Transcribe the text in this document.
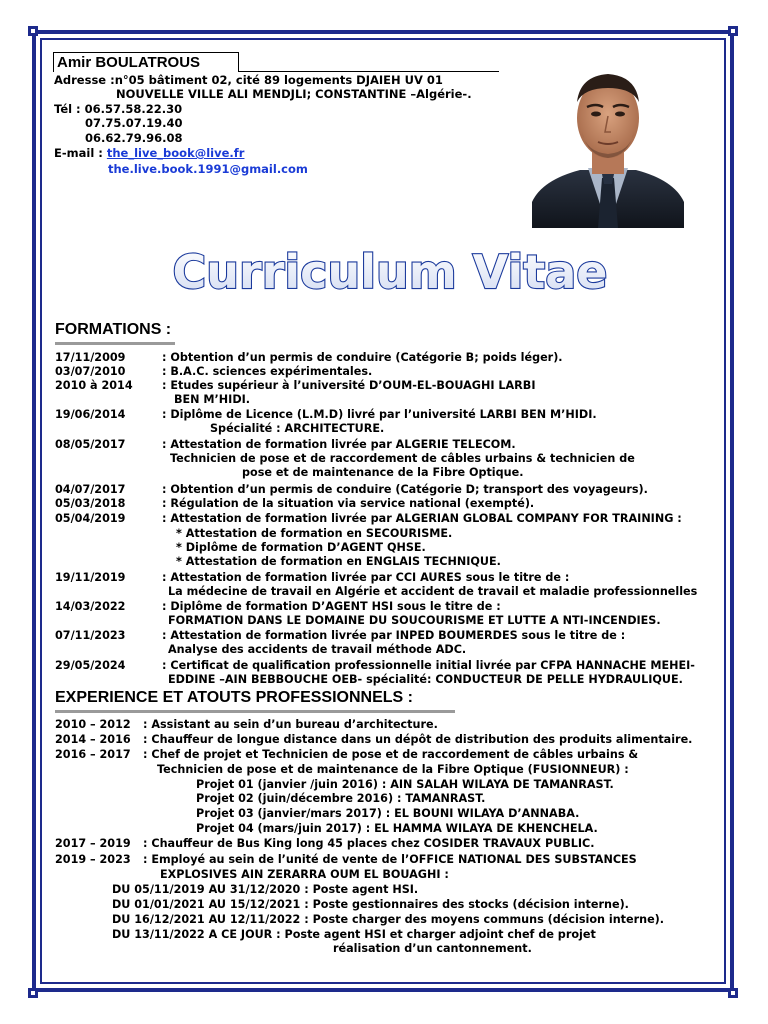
Amir BOULATROUS
Adresse :n°05 bâtiment 02, cité 89 logements DJAIEH UV 01
NOUVELLE VILLE ALI MENDJLI; CONSTANTINE –Algérie-.
Tél : 06.57.58.22.30
07.75.07.19.40
06.62.79.96.08
E-mail : the_live_book@live.fr
the.live.book.1991@gmail.com
Curriculum Vitae
FORMATIONS :
17/11/2009	: Obtention d’un permis de conduire (Catégorie B; poids léger).
03/07/2010	: B.A.C. sciences expérimentales.
2010 à 2014	: Etudes supérieur à l’université D’OUM-EL-BOUAGHI LARBI
BEN M’HIDI.
19/06/2014	: Diplôme de Licence (L.M.D) livré par l’université LARBI BEN M’HIDI.
Spécialité : ARCHITECTURE.
08/05/2017	: Attestation de formation livrée par ALGERIE TELECOM.
Technicien de pose et de raccordement de câbles urbains & technicien de
pose et de maintenance de la Fibre Optique.
04/07/2017	: Obtention d’un permis de conduire (Catégorie D; transport des voyageurs).
05/03/2018	: Régulation de la situation via service national (exempté).
05/04/2019	: Attestation de formation livrée par ALGERIAN GLOBAL COMPANY FOR TRAINING :
* Attestation de formation en SECOURISME.
* Diplôme de formation D’AGENT QHSE.
* Attestation de formation en ENGLAIS TECHNIQUE.
19/11/2019	: Attestation de formation livrée par CCI AURES sous le titre de :
La médecine de travail en Algérie et accident de travail et maladie professionnelles
14/03/2022	: Diplôme de formation D’AGENT HSI sous le titre de :
FORMATION DANS LE DOMAINE DU SOUCOURISME ET LUTTE A NTI-INCENDIES.
07/11/2023	: Attestation de formation livrée par INPED BOUMERDES sous le titre de :
Analyse des accidents de travail méthode ADC.
29/05/2024	: Certificat de qualification professionnelle initial livrée par CFPA HANNACHE MEHEI-
EDDINE –AIN BEBBOUCHE OEB- spécialité: CONDUCTEUR DE PELLE HYDRAULIQUE.
EXPERIENCE ET ATOUTS PROFESSIONNELS :
2010 – 2012 : Assistant au sein d’un bureau d’architecture.
2014 – 2016 : Chauffeur de longue distance dans un dépôt de distribution des produits alimentaire.
2016 – 2017 : Chef de projet et Technicien de pose et de raccordement de câbles urbains &
Technicien de pose et de maintenance de la Fibre Optique (FUSIONNEUR) :
Projet 01 (janvier /juin 2016) : AIN SALAH WILAYA DE TAMANRAST.
Projet 02 (juin/décembre 2016) : TAMANRAST.
Projet 03 (janvier/mars 2017) : EL BOUNI WILAYA D’ANNABA.
Projet 04 (mars/juin 2017) : EL HAMMA WILAYA DE KHENCHELA.
2017 – 2019 : Chauffeur de Bus King long 45 places chez COSIDER TRAVAUX PUBLIC.
2019 – 2023 : Employé au sein de l’unité de vente de l’OFFICE NATIONAL DES SUBSTANCES
EXPLOSIVES AIN ZERARRA OUM EL BOUAGHI :
DU 05/11/2019 AU 31/12/2020 : Poste agent HSI.
DU 01/01/2021 AU 15/12/2021 : Poste gestionnaires des stocks (décision interne).
DU 16/12/2021 AU 12/11/2022 : Poste charger des moyens communs (décision interne).
DU 13/11/2022 A CE JOUR : Poste agent HSI et charger adjoint chef de projet
réalisation d’un cantonnement.
